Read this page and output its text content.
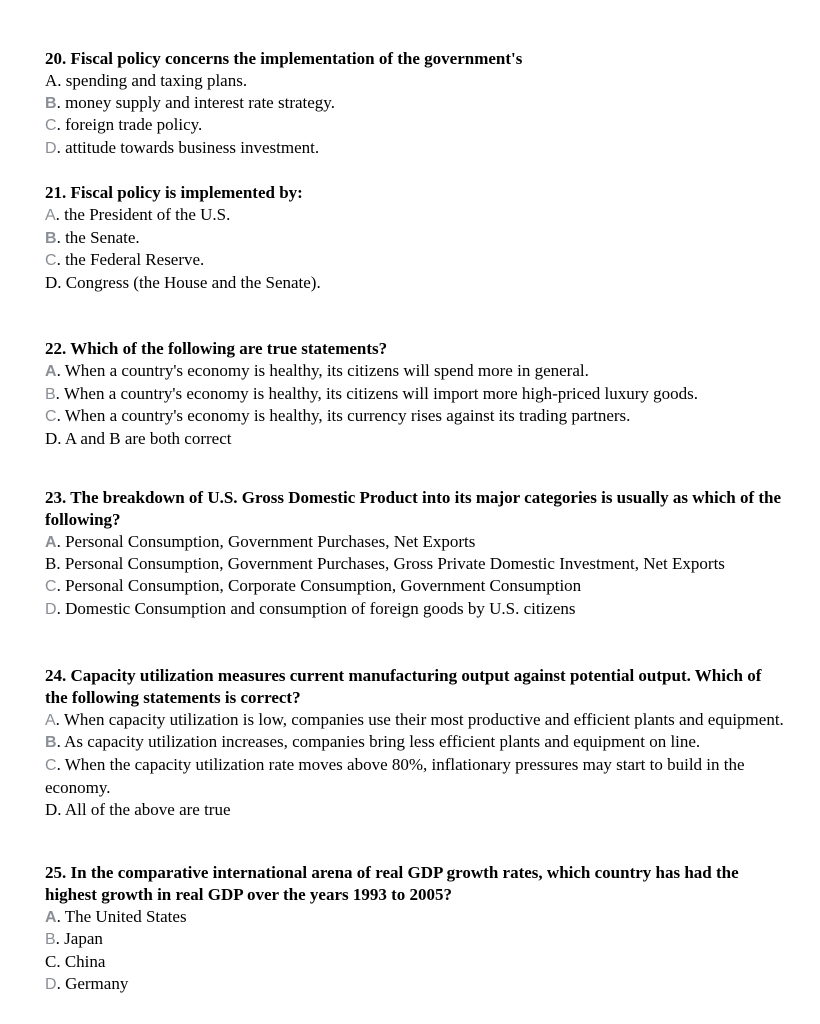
20. Fiscal policy concerns the implementation of the government's

A. spending and taxing plans.

B. money supply and interest rate strategy.

C. foreign trade policy.

D. attitude towards business investment.

21. Fiscal policy is implemented by:

A. the President of the U.S.

B. the Senate.

C. the Federal Reserve.

D. Congress (the House and the Senate).

22. Which of the following are true statements?

A. When a country's economy is healthy, its citizens will spend more in general.

B. When a country's economy is healthy, its citizens will import more high-priced luxury goods.

C. When a country's economy is healthy, its currency rises against its trading partners.

D. A and B are both correct

23. The breakdown of U.S. Gross Domestic Product into its major categories is usually as which of the following?

A. Personal Consumption, Government Purchases, Net Exports

B. Personal Consumption, Government Purchases, Gross Private Domestic Investment, Net Exports

C. Personal Consumption, Corporate Consumption, Government Consumption

D. Domestic Consumption and consumption of foreign goods by U.S. citizens

24. Capacity utilization measures current manufacturing output against potential output. Which of the following statements is correct?

A. When capacity utilization is low, companies use their most productive and efficient plants and equipment.

B. As capacity utilization increases, companies bring less efficient plants and equipment on line.

C. When the capacity utilization rate moves above 80%, inflationary pressures may start to build in the economy.

D. All of the above are true

25. In the comparative international arena of real GDP growth rates, which country has had the highest growth in real GDP over the years 1993 to 2005?

A. The United States

B. Japan

C. China

D. Germany
